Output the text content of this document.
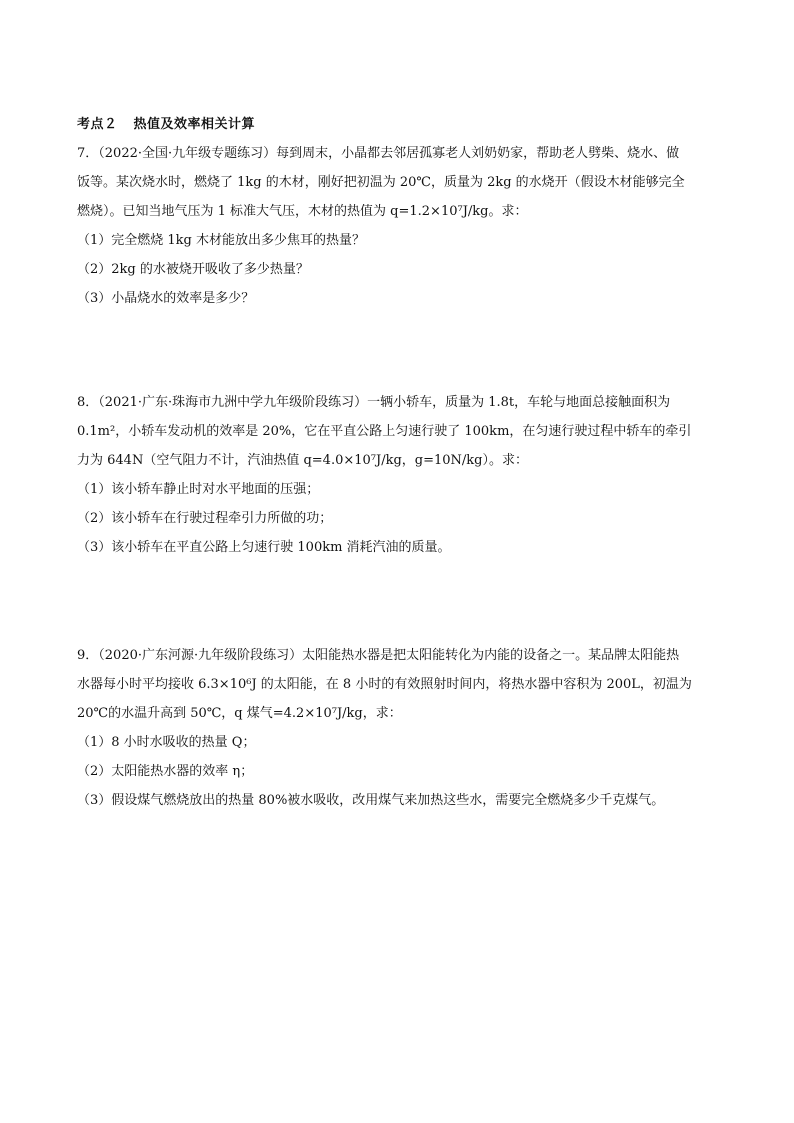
考点２ 热值及效率相关计算

7．（2022·全国·九年级专题练习）每到周末，小晶都去邻居孤寡老人刘奶奶家，帮助老人劈柴、烧水、做

饭等。某次烧水时，燃烧了 1kg 的木材，刚好把初温为 20℃，质量为 2kg 的水烧开（假设木材能够完全

燃烧）。已知当地气压为 1 标准大气压，木材的热值为 q=1.2×10⁷J/kg。求：

（1）完全燃烧 1kg 木材能放出多少焦耳的热量？

（2）2kg 的水被烧开吸收了多少热量？

（3）小晶烧水的效率是多少？

8．（2021·广东·珠海市九洲中学九年级阶段练习）一辆小轿车，质量为 1.8t，车轮与地面总接触面积为

0.1m²，小轿车发动机的效率是 20%，它在平直公路上匀速行驶了 100km，在匀速行驶过程中轿车的牵引

力为 644N（空气阻力不计，汽油热值 q=4.0×10⁷J/kg，g=10N/kg）。求：

（1）该小轿车静止时对水平地面的压强；

（2）该小轿车在行驶过程牵引力所做的功；

（3）该小轿车在平直公路上匀速行驶 100km 消耗汽油的质量。

9．（2020·广东河源·九年级阶段练习）太阳能热水器是把太阳能转化为内能的设备之一。某品牌太阳能热

水器每小时平均接收 6.3×10⁶J 的太阳能，在 8 小时的有效照射时间内，将热水器中容积为 200L，初温为

20℃的水温升高到 50℃，q 煤气=4.2×10⁷J/kg，求：

（1）8 小时水吸收的热量 Q；

（2）太阳能热水器的效率 η；

（3）假设煤气燃烧放出的热量 80%被水吸收，改用煤气来加热这些水，需要完全燃烧多少千克煤气。
